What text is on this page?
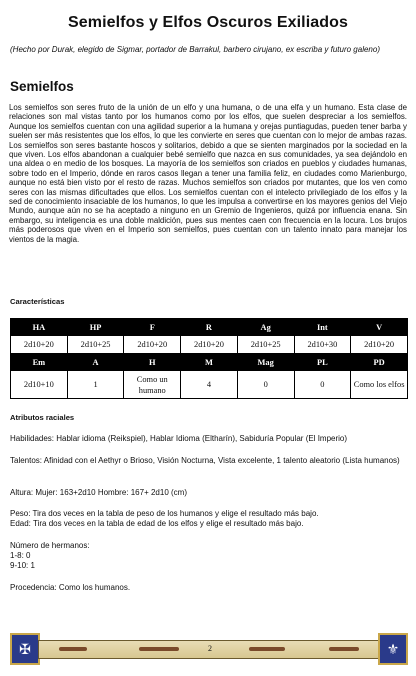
Semielfos y Elfos Oscuros Exiliados
(Hecho por Durak, elegido de Sigmar, portador de Barrakul, barbero cirujano, ex escriba y futuro galeno)
Semielfos
Los semielfos son seres fruto de la unión de un elfo y una humana, o de una elfa y un humano. Esta clase de relaciones son mal vistas tanto por los humanos como por los elfos, que suelen despreciar a los semielfos. Aunque los semielfos cuentan con una agilidad superior a la humana y orejas puntiagudas, pueden tener barba y suelen ser más resistentes que los elfos, lo que les convierte en seres que cuentan con lo mejor de ambas razas. Los semielfos son seres bastante hoscos y solitarios, debido a que se sienten marginados por la sociedad en la que viven. Los elfos abandonan a cualquier bebé semielfo que nazca en sus comunidades, ya sea dejándolo en una aldea o en medio de los bosques. La mayoría de los semielfos son criados en pueblos y ciudades humanas, sobre todo en el Imperio, dónde en raros casos llegan a tener una familia feliz, en ciudades como Marienburgo, aunque no está bien visto por el resto de razas. Muchos semielfos son criados por mutantes, que los ven como seres con las mismas dificultades que ellos. Los semielfos cuentan con el intelecto privilegiado de los elfos y la sed de conocimiento insaciable de los humanos, lo que les impulsa a convertirse en los mayores genios del Viejo Mundo, aunque aún no se ha aceptado a ninguno en un Gremio de Ingenieros, quizá por influencia enana. Sin embargo, su inteligencia es una doble maldición, pues sus mentes caen con frecuencia en la locura. Los brujos más poderosos que viven en el Imperio son semielfos, pues cuentan con un talento innato para manejar los vientos de la magia.
Características
HA	HP	F	R	Ag	Int	V
2d10+20	2d10+25	2d10+20	2d10+20	2d10+25	2d10+30	2d10+20
Em	A	H	M	Mag	PL	PD
2d10+10	1	Como un humano	4	0	0	Como los elfos
Atributos raciales
Habilidades: Hablar idioma (Reikspiel), Hablar Idioma (Eltharín), Sabiduría Popular (El Imperio)
Talentos: Afinidad con el Aethyr o Brioso, Visión Nocturna, Vista excelente, 1 talento aleatorio (Lista humanos)
Altura: Mujer: 163+2d10 Hombre: 167+ 2d10 (cm)
Peso: Tira dos veces en la tabla de peso de los humanos y elige el resultado más bajo.
Edad: Tira dos veces en la tabla de edad de los elfos y elige el resultado más bajo.
Número de hermanos:
1-8: 0
9-10: 1
Procedencia: Como los humanos.
✠	2	⚜
